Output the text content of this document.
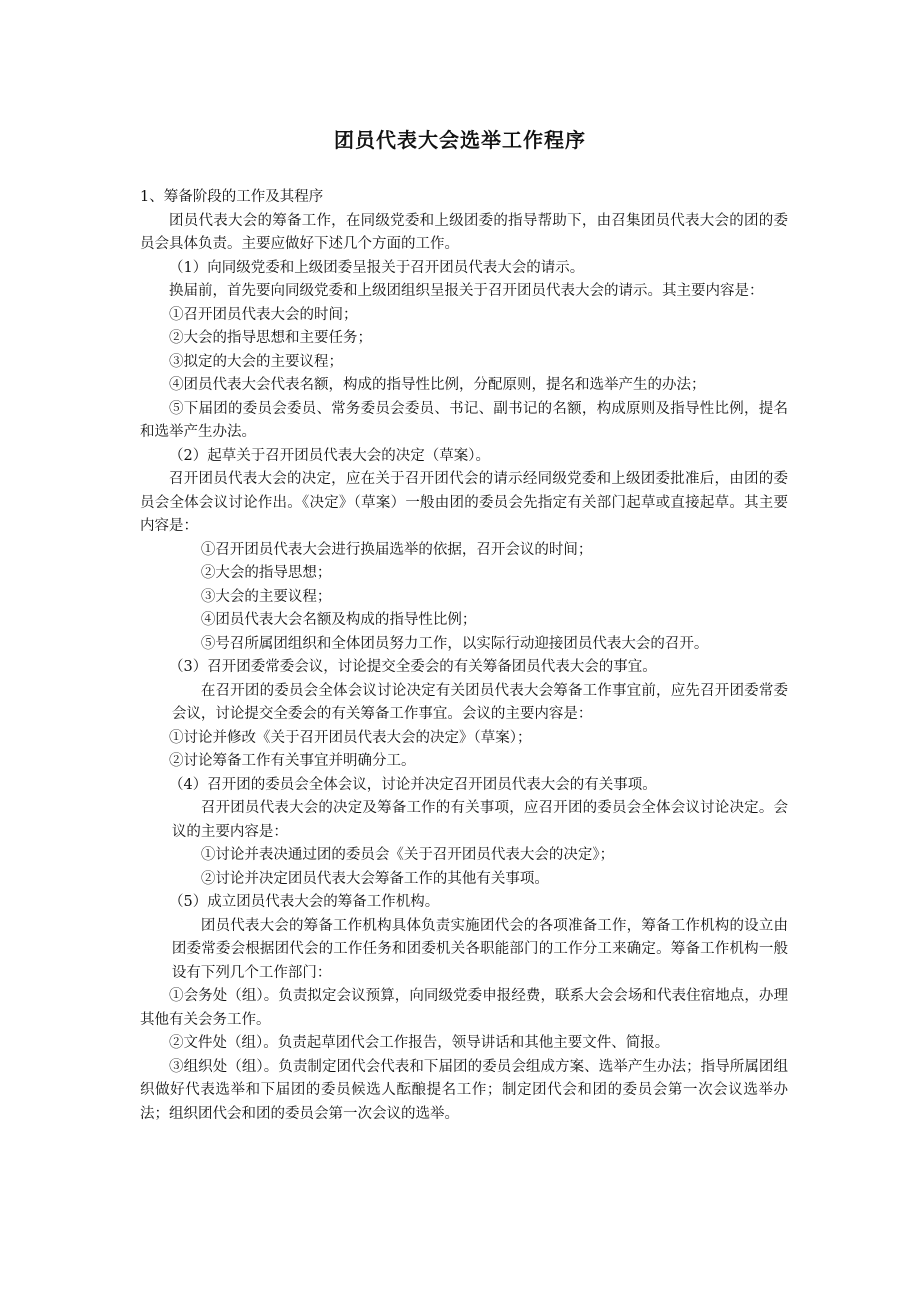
团员代表大会选举工作程序

1、筹备阶段的工作及其程序

团员代表大会的筹备工作，在同级党委和上级团委的指导帮助下，由召集团员代表大会的团的委员会具体负责。主要应做好下述几个方面的工作。

（1）向同级党委和上级团委呈报关于召开团员代表大会的请示。

换届前，首先要向同级党委和上级团组织呈报关于召开团员代表大会的请示。其主要内容是：

①召开团员代表大会的时间；

②大会的指导思想和主要任务；

③拟定的大会的主要议程；

④团员代表大会代表名额，构成的指导性比例，分配原则，提名和选举产生的办法；

⑤下届团的委员会委员、常务委员会委员、书记、副书记的名额，构成原则及指导性比例，提名和选举产生办法。

（2）起草关于召开团员代表大会的决定（草案）。

召开团员代表大会的决定，应在关于召开团代会的请示经同级党委和上级团委批准后，由团的委员会全体会议讨论作出。《决定》（草案）一般由团的委员会先指定有关部门起草或直接起草。其主要内容是：

①召开团员代表大会进行换届选举的依据，召开会议的时间；

②大会的指导思想；

③大会的主要议程；

④团员代表大会名额及构成的指导性比例；

⑤号召所属团组织和全体团员努力工作，以实际行动迎接团员代表大会的召开。

（3）召开团委常委会议，讨论提交全委会的有关筹备团员代表大会的事宜。

在召开团的委员会全体会议讨论决定有关团员代表大会筹备工作事宜前，应先召开团委常委会议，讨论提交全委会的有关筹备工作事宜。会议的主要内容是：

①讨论并修改《关于召开团员代表大会的决定》（草案）；

②讨论筹备工作有关事宜并明确分工。

（4）召开团的委员会全体会议，讨论并决定召开团员代表大会的有关事项。

召开团员代表大会的决定及筹备工作的有关事项，应召开团的委员会全体会议讨论决定。会议的主要内容是：

①讨论并表决通过团的委员会《关于召开团员代表大会的决定》；

②讨论并决定团员代表大会筹备工作的其他有关事项。

（5）成立团员代表大会的筹备工作机构。

团员代表大会的筹备工作机构具体负责实施团代会的各项准备工作，筹备工作机构的设立由团委常委会根据团代会的工作任务和团委机关各职能部门的工作分工来确定。筹备工作机构一般设有下列几个工作部门：

①会务处（组）。负责拟定会议预算，向同级党委申报经费，联系大会会场和代表住宿地点，办理其他有关会务工作。

②文件处（组）。负责起草团代会工作报告，领导讲话和其他主要文件、简报。

③组织处（组）。负责制定团代会代表和下届团的委员会组成方案、选举产生办法；指导所属团组织做好代表选举和下届团的委员候选人酝酿提名工作；制定团代会和团的委员会第一次会议选举办法；组织团代会和团的委员会第一次会议的选举。
